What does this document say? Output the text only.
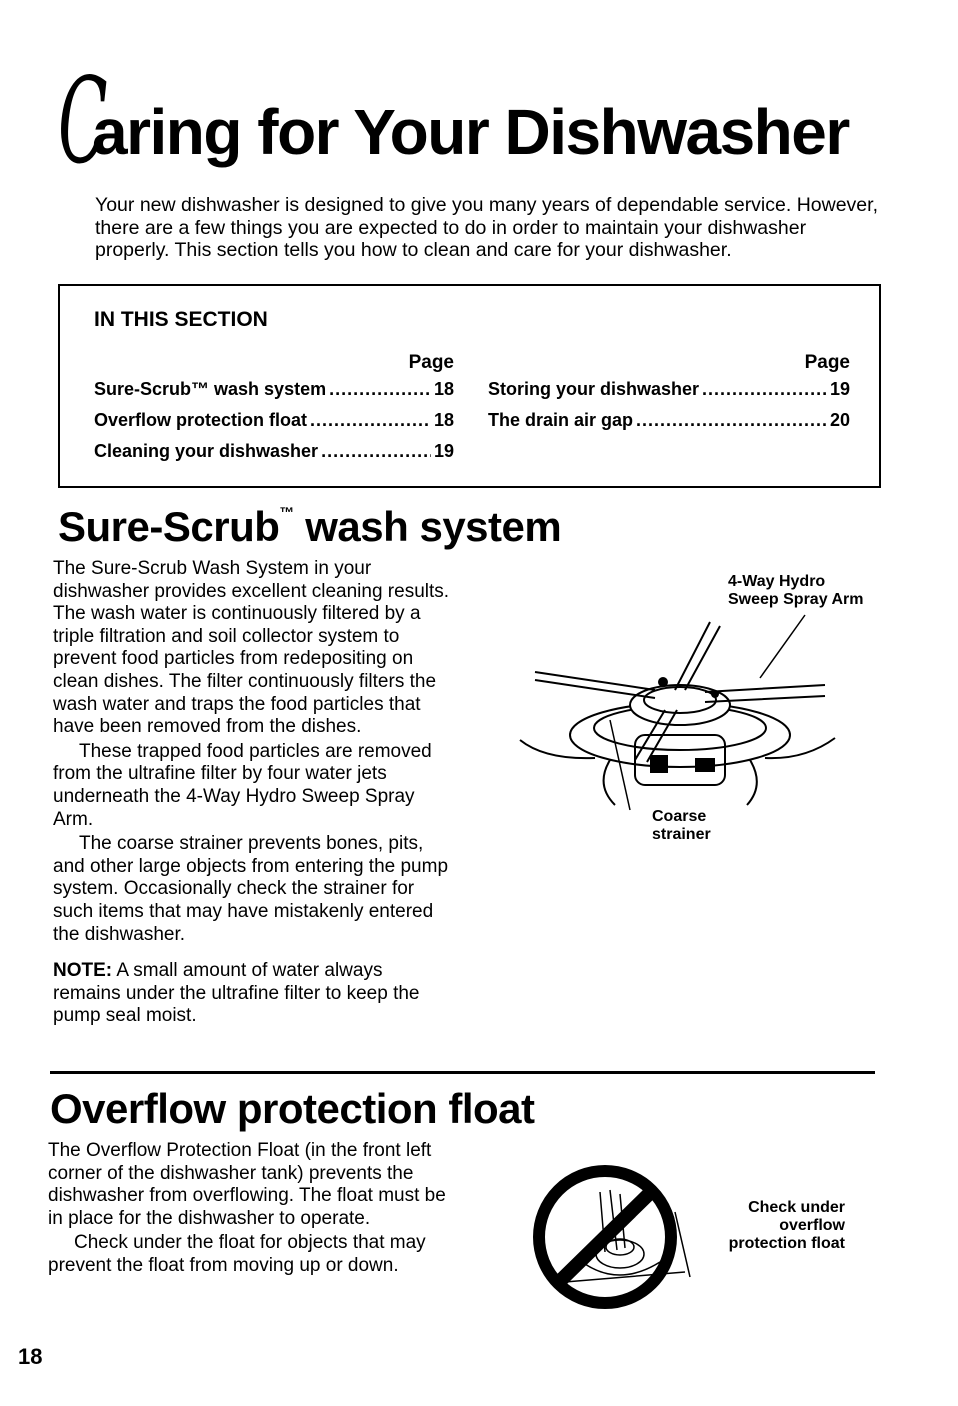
C
aring for Your Dishwasher
Your new dishwasher is designed to give you many years of dependable service. However, there are a few things you are expected to do in order to maintain your dishwasher properly. This section tells you how to clean and care for your dishwasher.
IN THIS SECTION
Page
Sure-Scrub™ wash system .....	18
Overflow protection float .....	18
Cleaning your dishwasher .....	19
Page
Storing your dishwasher .....	19
The drain air gap .....	20
Sure-Scrub™ wash system

The Sure-Scrub Wash System in your dishwasher provides excellent cleaning results. The wash water is continuously filtered by a triple filtration and soil collector system to prevent food particles from redepositing on clean dishes. The filter continuously filters the wash water and traps the food particles that have been removed from the dishes.

These trapped food particles are removed from the ultrafine filter by four water jets underneath the 4-Way Hydro Sweep Spray Arm.

The coarse strainer prevents bones, pits, and other large objects from entering the pump system. Occasionally check the strainer for such items that may have mistakenly entered the dishwasher.

NOTE: A small amount of water always remains under the ultrafine filter to keep the pump seal moist.

4-Way Hydro
Sweep Spray Arm
Coarse
strainer
Overflow protection float

The Overflow Protection Float (in the front left corner of the dishwasher tank) prevents the dishwasher from overflowing. The float must be in place for the dishwasher to operate.

Check under the float for objects that may prevent the float from moving up or down.

Check under
overflow
protection float
18
